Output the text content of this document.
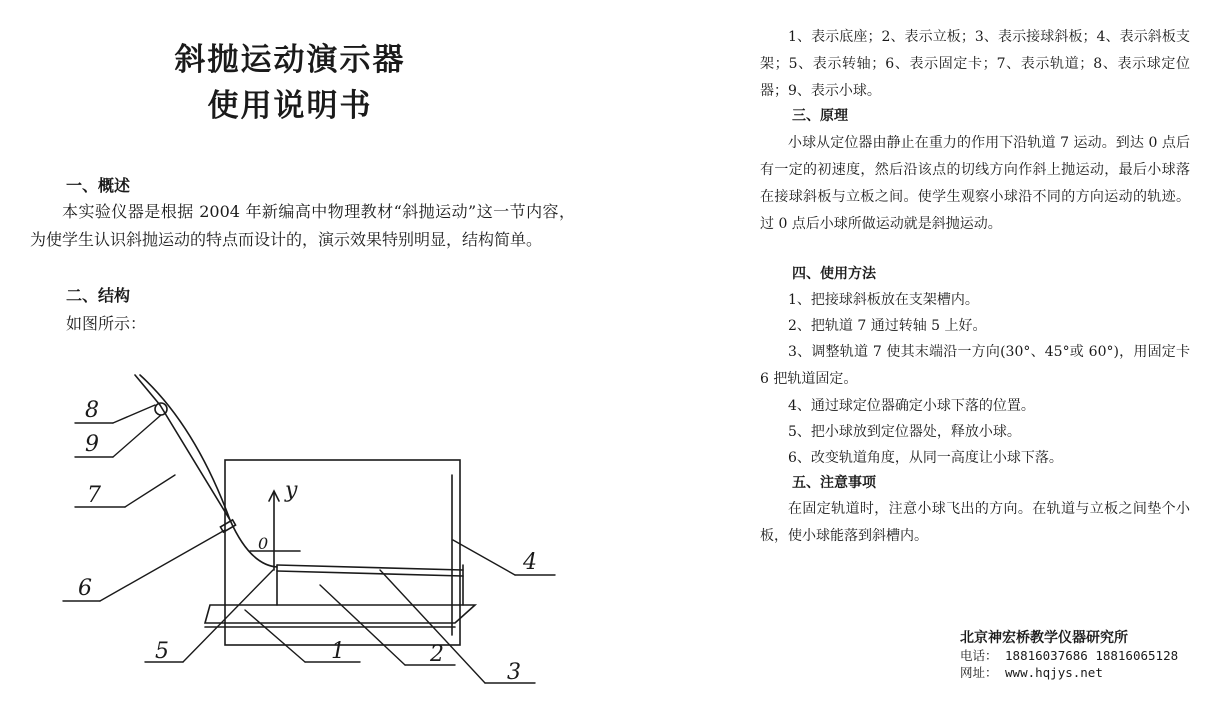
斜抛运动演示器
使用说明书
一、概述
本实验仪器是根据 2004 年新编高中物理教材“斜抛运动”这一节内容，为使学生认识斜抛运动的特点而设计的，演示效果特别明显，结构简单。
二、结构
如图所示：
8
9
7
6
5	1	2
3
4
y
0
1、表示底座；2、表示立板；3、表示接球斜板；4、表示斜板支架；5、表示转轴；6、表示固定卡；7、表示轨道；8、表示球定位器；9、表示小球。
三、原理
小球从定位器由静止在重力的作用下沿轨道 7 运动。到达 0 点后有一定的初速度，然后沿该点的切线方向作斜上抛运动，最后小球落在接球斜板与立板之间。使学生观察小球沿不同的方向运动的轨迹。过 0 点后小球所做运动就是斜抛运动。
四、使用方法
1、把接球斜板放在支架槽内。
2、把轨道 7 通过转轴 5 上好。
3、调整轨道 7 使其末端沿一方向(30°、45°或 60°)，用固定卡 6 把轨道固定。
4、通过球定位器确定小球下落的位置。
5、把小球放到定位器处，释放小球。
6、改变轨道角度，从同一高度让小球下落。
五、注意事项
在固定轨道时，注意小球飞出的方向。在轨道与立板之间垫个小板，使小球能落到斜槽内。
北京神宏桥教学仪器研究所
电话： 18816037686 18816065128
网址： www.hqjys.net
